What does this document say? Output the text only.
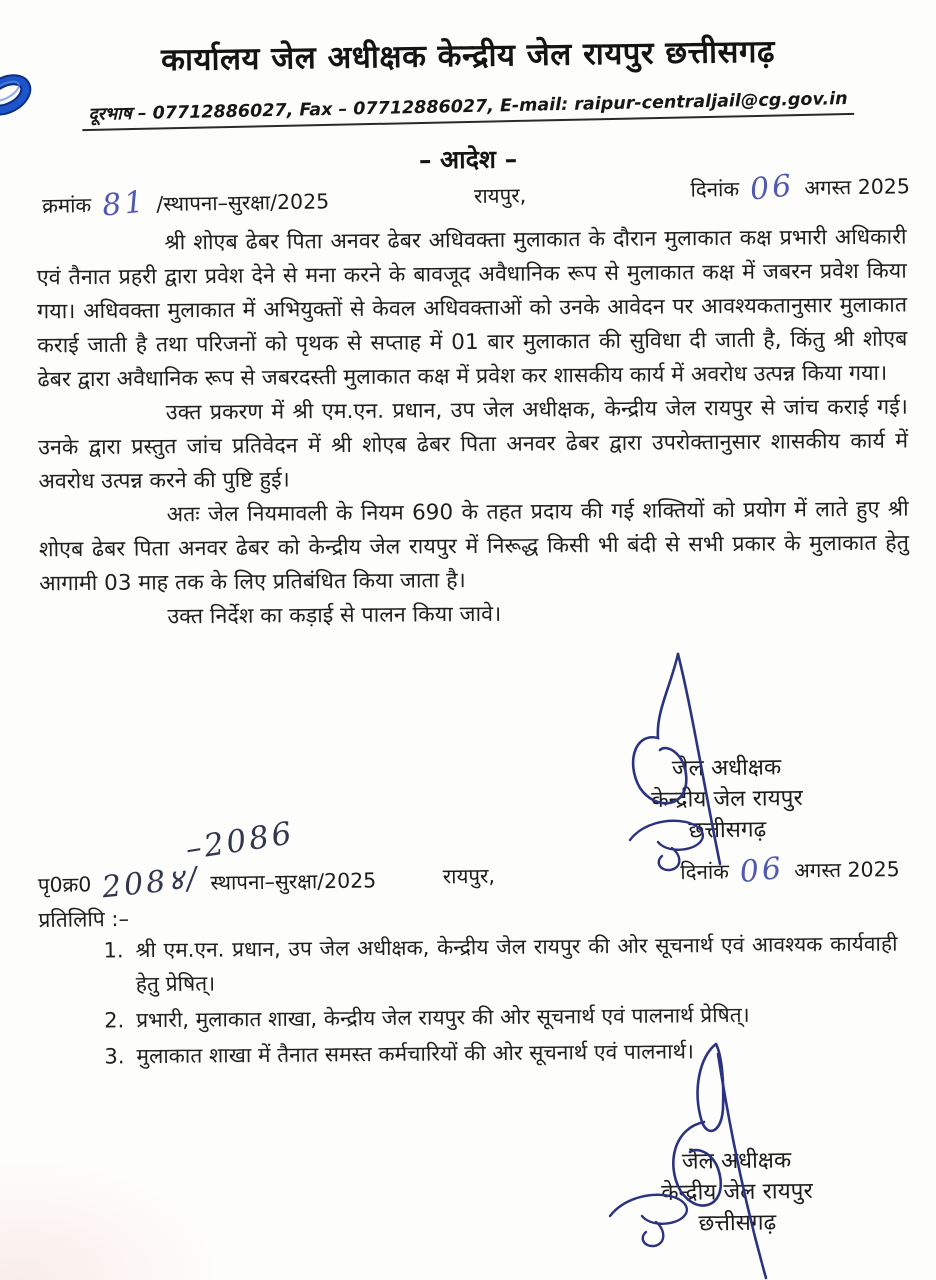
कार्यालय जेल अधीक्षक केन्द्रीय जेल रायपुर छत्तीसगढ़
दूरभाष – 07712886027, Fax – 07712886027, E-mail: raipur-centraljail@cg.gov.in
– आदेश –
क्रमांक 81 /स्थापना–सुरक्षा/2025	रायपुर,	दिनांक 06 अगस्त 2025

श्री शोएब ढेबर पिता अनवर ढेबर अधिवक्ता मुलाकात के दौरान मुलाकात कक्ष प्रभारी अधिकारी एवं तैनात प्रहरी द्वारा प्रवेश देने से मना करने के बावजूद अवैधानिक रूप से मुलाकात कक्ष में जबरन प्रवेश किया गया। अधिवक्ता मुलाकात में अभियुक्तों से केवल अधिवक्ताओं को उनके आवेदन पर आवश्यकतानुसार मुलाकात कराई जाती है तथा परिजनों को पृथक से सप्ताह में 01 बार मुलाकात की सुविधा दी जाती है, किंतु श्री शोएब ढेबर द्वारा अवैधानिक रूप से जबरदस्ती मुलाकात कक्ष में प्रवेश कर शासकीय कार्य में अवरोध उत्पन्न किया गया।

उक्त प्रकरण में श्री एम.एन. प्रधान, उप जेल अधीक्षक, केन्द्रीय जेल रायपुर से जांच कराई गई। उनके द्वारा प्रस्तुत जांच प्रतिवेदन में श्री शोएब ढेबर पिता अनवर ढेबर द्वारा उपरोक्तानुसार शासकीय कार्य में अवरोध उत्पन्न करने की पुष्टि हुई।

अतः जेल नियमावली के नियम 690 के तहत प्रदाय की गई शक्तियों को प्रयोग में लाते हुए श्री शोएब ढेबर पिता अनवर ढेबर को केन्द्रीय जेल रायपुर में निरूद्ध किसी भी बंदी से सभी प्रकार के मुलाकात हेतु आगामी 03 माह तक के लिए प्रतिबंधित किया जाता है।

उक्त निर्देश का कड़ाई से पालन किया जावे।

जेल अधीक्षक
केन्द्रीय जेल रायपुर
छत्तीसगढ़
–2086
पृ0क्र0 208४/ स्थापना–सुरक्षा/2025	रायपुर,	दिनांक 06 अगस्त 2025
प्रतिलिपि :–
1. श्री एम.एन. प्रधान, उप जेल अधीक्षक, केन्द्रीय जेल रायपुर की ओर सूचनार्थ एवं आवश्यक कार्यवाही हेतु प्रेषित्।
2. प्रभारी, मुलाकात शाखा, केन्द्रीय जेल रायपुर की ओर सूचनार्थ एवं पालनार्थ प्रेषित्।
3. मुलाकात शाखा में तैनात समस्त कर्मचारियों की ओर सूचनार्थ एवं पालनार्थ।
जेल अधीक्षक
केन्द्रीय जेल रायपुर
छत्तीसगढ़
